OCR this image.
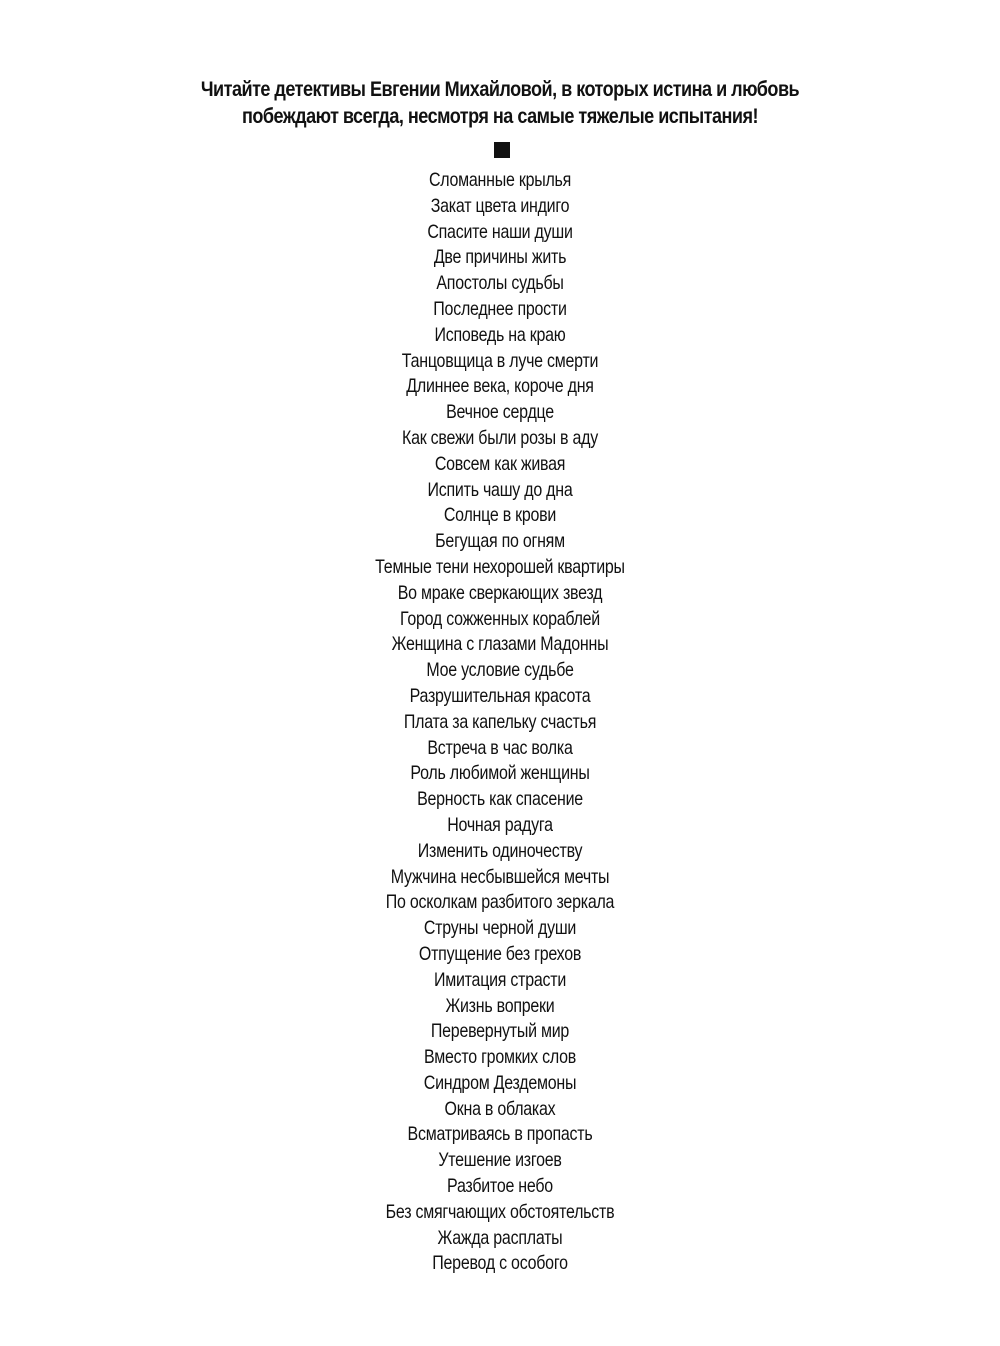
Читайте детективы Евгении Михайловой, в которых истина и любовь
побеждают всегда, несмотря на самые тяжелые испытания!
Сломанные крылья
Закат цвета индиго
Спасите наши души
Две причины жить
Апостолы судьбы
Последнее прости
Исповедь на краю
Танцовщица в луче смерти
Длиннее века, короче дня
Вечное сердце
Как свежи были розы в аду
Совсем как живая
Испить чашу до дна
Солнце в крови
Бегущая по огням
Темные тени нехорошей квартиры
Во мраке сверкающих звезд
Город сожженных кораблей
Женщина с глазами Мадонны
Мое условие судьбе
Разрушительная красота
Плата за капельку счастья
Встреча в час волка
Роль любимой женщины
Верность как спасение
Ночная радуга
Изменить одиночеству
Мужчина несбывшейся мечты
По осколкам разбитого зеркала
Струны черной души
Отпущение без грехов
Имитация страсти
Жизнь вопреки
Перевернутый мир
Вместо громких слов
Синдром Дездемоны
Окна в облаках
Всматриваясь в пропасть
Утешение изгоев
Разбитое небо
Без смягчающих обстоятельств
Жажда расплаты
Перевод с особого
